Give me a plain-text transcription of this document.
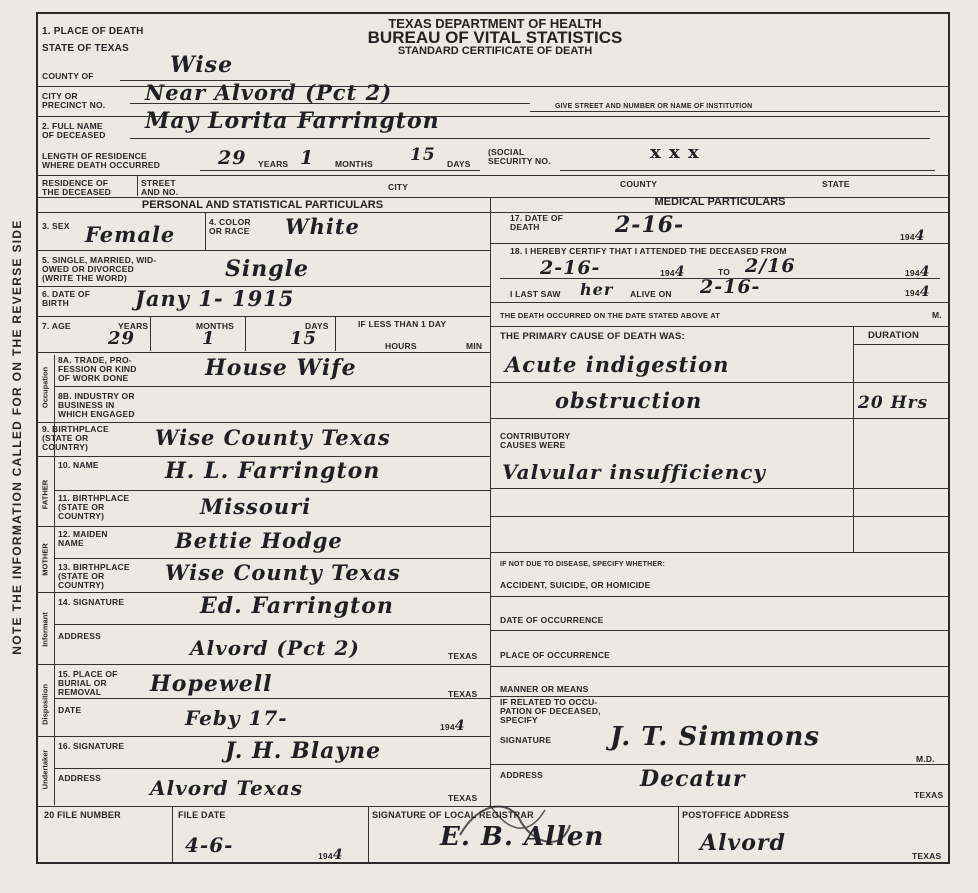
NOTE THE INFORMATION CALLED FOR ON THE REVERSE SIDE
TEXAS DEPARTMENT OF HEALTH
BUREAU OF VITAL STATISTICS
STANDARD CERTIFICATE OF DEATH
1. PLACE OF DEATH
STATE OF TEXAS
COUNTY OF	Wise
CITY OR
PRECINCT NO. Near Alvord (Pct 2)
GIVE STREET AND NUMBER OR NAME OF INSTITUTION
2. FULL NAME
OF DECEASED
May Lorita Farrington
LENGTH OF RESIDENCE
WHERE DEATH OCCURRED	29 YEARS 1 MONTHS 15 DAYS
(SOCIAL
SECURITY NO.	x x x
RESIDENCE OF
THE DECEASED
STREET
AND NO.	CITY	COUNTY	STATE
PERSONAL AND STATISTICAL PARTICULARS	MEDICAL PARTICULARS
3. SEX Female	4. COLOR
OR RACE White
5. SINGLE, MARRIED, WID-
OWED OR DIVORCED
(WRITE THE WORD)	Single
6. DATE OF
BIRTH	Jany 1- 1915
7. AGE	YEARS
29
MONTHS
1
DAYS
15
IF LESS THAN 1 DAY
HOURS	MIN
Occupation
8A. TRADE, PRO-
FESSION OR KIND
OF WORK DONE	House Wife
8B. INDUSTRY OR
BUSINESS IN
WHICH ENGAGED
9. BIRTHPLACE
(STATE OR
COUNTRY)	Wise County Texas
FATHER
10. NAME	H. L. Farrington
11. BIRTHPLACE
(STATE OR
COUNTRY)	Missouri
MOTHER
12. MAIDEN
NAME	Bettie Hodge
13. BIRTHPLACE
(STATE OR
COUNTRY)	Wise County Texas
Informant
14. SIGNATURE	Ed. Farrington
ADDRESS	Alvord (Pct 2)	TEXAS
Disposition
15. PLACE OF
BURIAL OR
REMOVAL	Hopewell	TEXAS
DATE	Feby 17-	1944
Undertaker
16. SIGNATURE	J. H. Blayne
ADDRESS Alvord Texas	TEXAS
17. DATE OF
DEATH	2-16-	1944
18. I HEREBY CERTIFY THAT I ATTENDED THE DECEASED FROM
2-16-	1944	TO 2/16	1944
I LAST SAW her ALIVE ON 2-16-	1944
THE DEATH OCCURRED ON THE DATE STATED ABOVE AT	M.
THE PRIMARY CAUSE OF DEATH WAS:	DURATION
Acute indigestion
obstruction	20 Hrs
CONTRIBUTORY
CAUSES WERE
Valvular insufficiency
IF NOT DUE TO DISEASE, SPECIFY WHETHER:
ACCIDENT, SUICIDE, OR HOMICIDE
DATE OF OCCURRENCE
PLACE OF OCCURRENCE
MANNER OR MEANS
IF RELATED TO OCCU-
PATION OF DECEASED,
SPECIFY
SIGNATURE J. T. Simmons
M.D.
ADDRESS	Decatur
TEXAS
20 FILE NUMBER	FILE DATE
4-6-	1944
SIGNATURE OF LOCAL REGISTRAR
E. B. Allen
POSTOFFICE ADDRESS
Alvord	TEXAS
